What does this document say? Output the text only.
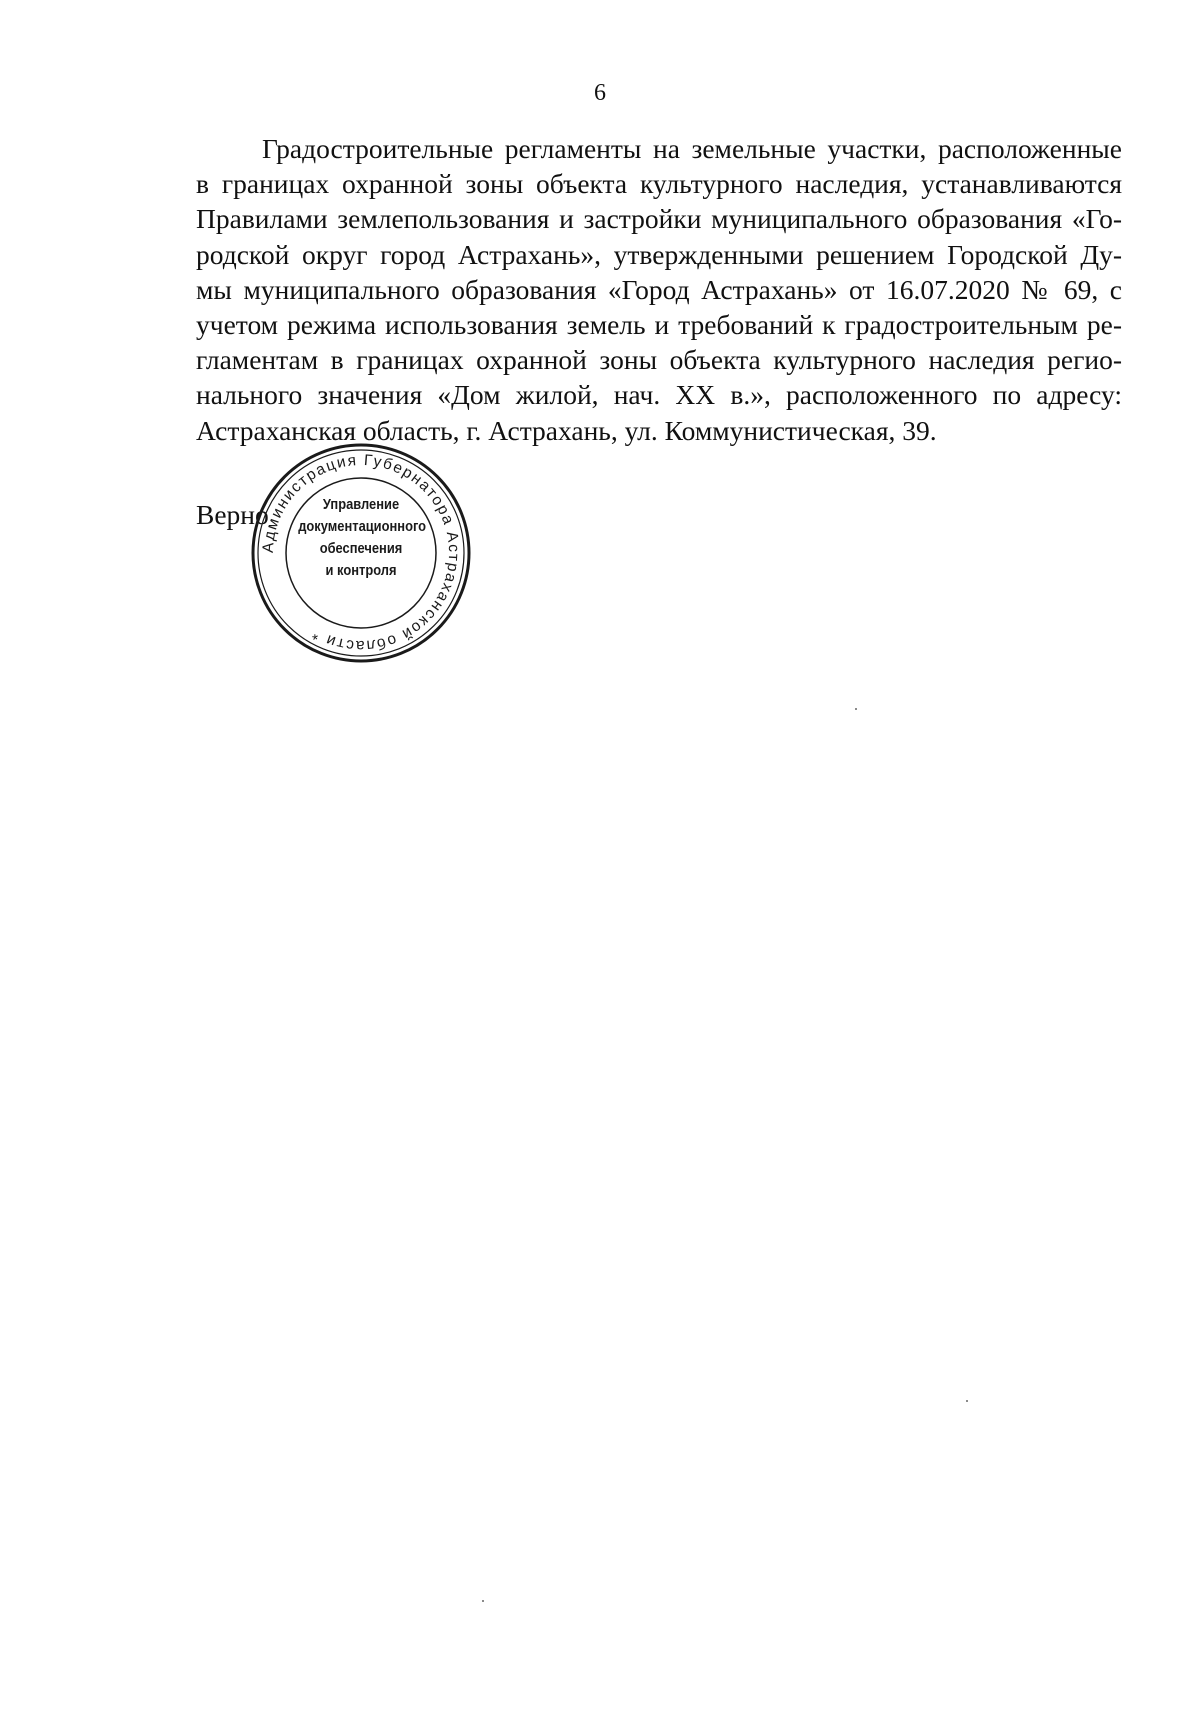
6
Градостроительные регламенты на земельные участки, расположенные
в границах охранной зоны объекта культурного наследия, устанавливаются
Правилами землепользования и застройки муниципального образования «Го-
родской округ город Астрахань», утвержденными решением Городской Ду-
мы муниципального образования «Город Астрахань» от 16.07.2020 № 69, с
учетом режима использования земель и требований к градостроительным ре-
гламентам в границах охранной зоны объекта культурного наследия регио-
нального значения «Дом жилой, нач. XX в.», расположенного по адресу:
Астраханская область, г. Астрахань, ул. Коммунистическая, 39.
Верно
Администрация Губернатора Астраханской области *
Управление
документационного
обеспечения
и контроля
